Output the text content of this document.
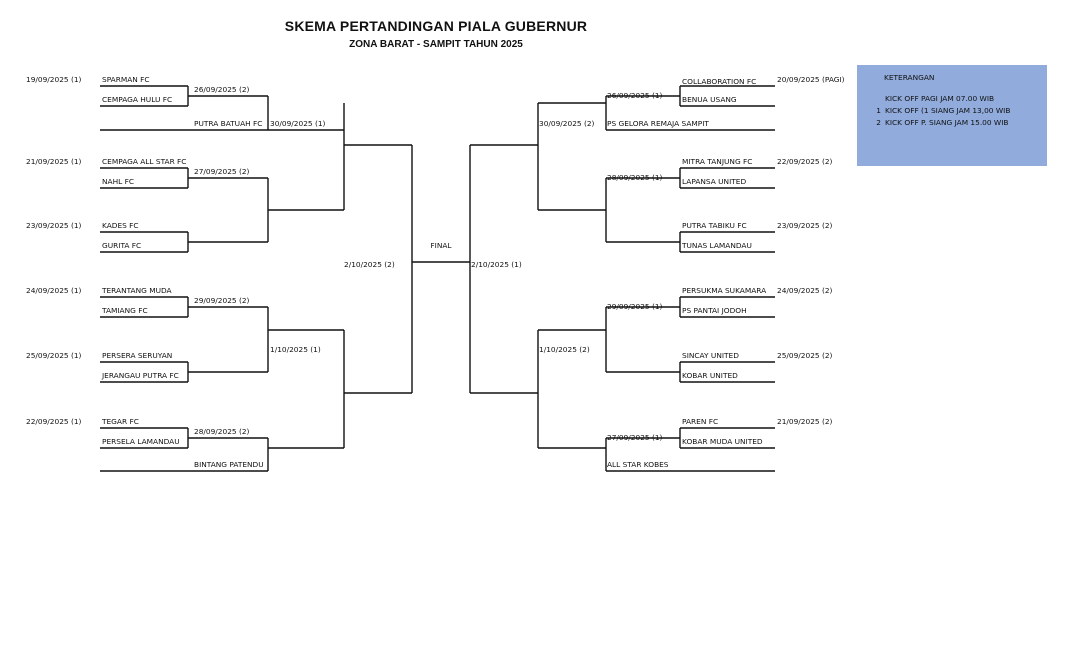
SKEMA PERTANDINGAN PIALA GUBERNUR
ZONA BARAT - SAMPIT TAHUN 2025
19/09/2025 (1)	SPARMAN FC
CEMPAGA HULU FC
21/09/2025 (1)	CEMPAGA ALL STAR FC
NAHL FC
23/09/2025 (1)	KADES FC
GURITA FC
24/09/2025 (1)	TERANTANG MUDA
TAMIANG FC
25/09/2025 (1)	PERSERA SERUYAN
JERANGAU PUTRA FC
22/09/2025 (1)	TEGAR FC
PERSELA LAMANDAU
26/09/2025 (2)
PUTRA BATUAH FC
27/09/2025 (2)
29/09/2025 (2)
28/09/2025 (2)
BINTANG PATENDU
30/09/2025 (1)
1/10/2025 (1)
2/10/2025 (2)
FINAL
COLLABORATION FC
BENUA USANG
20/09/2025 (PAGI)
MITRA TANJUNG FC
LAPANSA UNITED
22/09/2025 (2)
PUTRA TABIKU FC
TUNAS LAMANDAU
23/09/2025 (2)
PERSUKMA SUKAMARA
PS PANTAI JODOH
24/09/2025 (2)
SINCAY UNITED
KOBAR UNITED
25/09/2025 (2)
PAREN FC
KOBAR MUDA UNITED
21/09/2025 (2)
26/09/2025 (1)
PS GELORA REMAJA SAMPIT
28/09/2025 (1)
29/09/2025 (1)
27/09/2025 (1)
ALL STAR KOBES
30/09/2025 (2)
1/10/2025 (2)
2/10/2025 (1)
KETERANGAN
KICK OFF PAGI JAM 07.00 WIB
1 KICK OFF (1 SIANG JAM 13,00 WIB
2 KICK OFF P. SIANG JAM 15.00 WIB
